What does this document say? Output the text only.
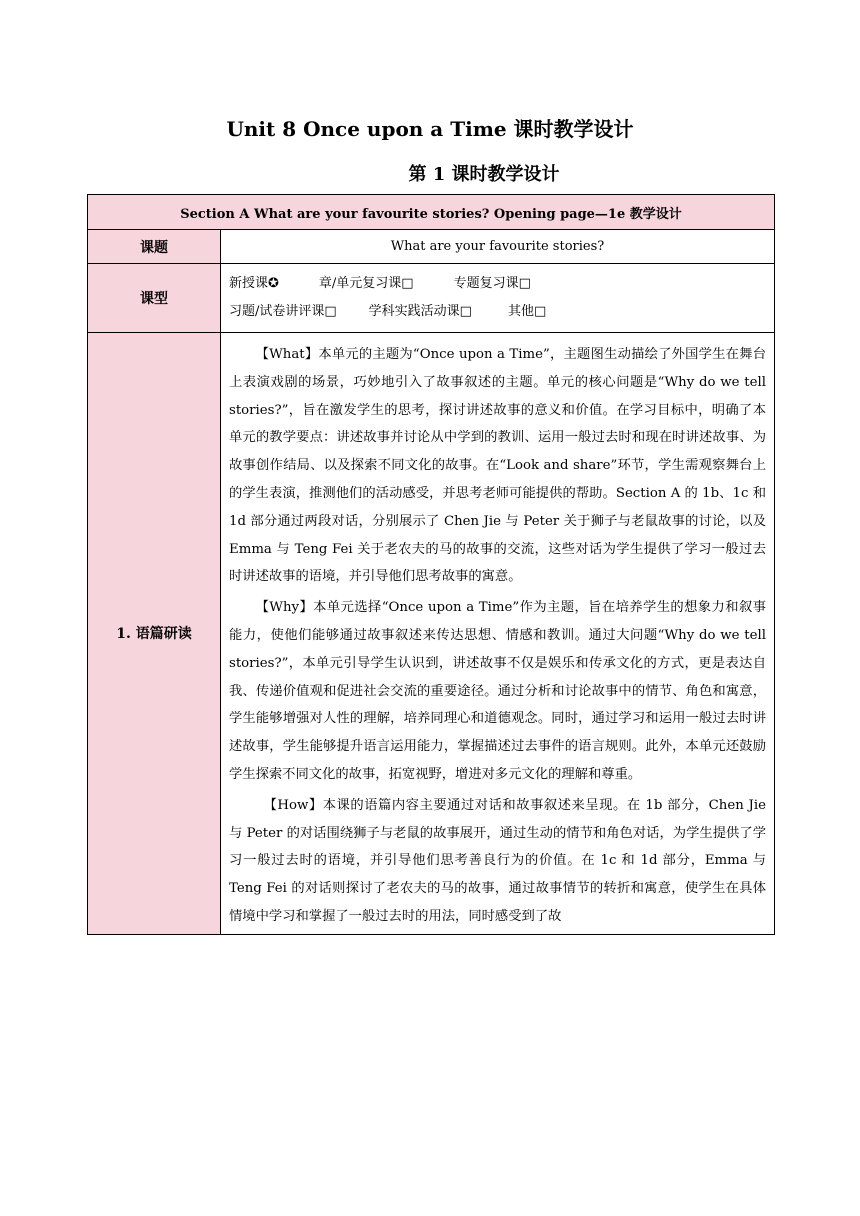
Unit 8 Once upon a Time 课时教学设计
第 1 课时教学设计
Section A What are your favourite stories? Opening page—1e 教学设计	
课题	What are your favourite stories?
课型	新授课✪ 章/单元复习课□ 专题复习课□
习题/试卷讲评课□ 学科实践活动课□ 其他□

1. 语篇研读	【What】本单元的主题为“Once upon a Time”，主题图生动描绘了外国学生在舞台上表演戏剧的场景，巧妙地引入了故事叙述的主题。单元的核心问题是“Why do we tell stories?”，旨在激发学生的思考，探讨讲述故事的意义和价值。在学习目标中，明确了本单元的教学要点：讲述故事并讨论从中学到的教训、运用一般过去时和现在时讲述故事、为故事创作结局、以及探索不同文化的故事。在“Look and share”环节，学生需观察舞台上的学生表演，推测他们的活动感受，并思考老师可能提供的帮助。Section A 的 1b、1c 和 1d 部分通过两段对话，分别展示了 Chen Jie 与 Peter 关于狮子与老鼠故事的讨论，以及 Emma 与 Teng Fei 关于老农夫的马的故事的交流，这些对话为学生提供了学习一般过去时讲述故事的语境，并引导他们思考故事的寓意。

【Why】本单元选择“Once upon a Time”作为主题，旨在培养学生的想象力和叙事能力，使他们能够通过故事叙述来传达思想、情感和教训。通过大问题“Why do we tell stories?”，本单元引导学生认识到，讲述故事不仅是娱乐和传承文化的方式，更是表达自我、传递价值观和促进社会交流的重要途径。通过分析和讨论故事中的情节、角色和寓意，学生能够增强对人性的理解，培养同理心和道德观念。同时，通过学习和运用一般过去时讲述故事，学生能够提升语言运用能力，掌握描述过去事件的语言规则。此外，本单元还鼓励学生探索不同文化的故事，拓宽视野，增进对多元文化的理解和尊重。

【How】本课的语篇内容主要通过对话和故事叙述来呈现。在 1b 部分，Chen Jie 与 Peter 的对话围绕狮子与老鼠的故事展开，通过生动的情节和角色对话，为学生提供了学习一般过去时的语境，并引导他们思考善良行为的价值。在 1c 和 1d 部分，Emma 与 Teng Fei 的对话则探讨了老农夫的马的故事，通过故事情节的转折和寓意，使学生在具体情境中学习和掌握了一般过去时的用法，同时感受到了故
